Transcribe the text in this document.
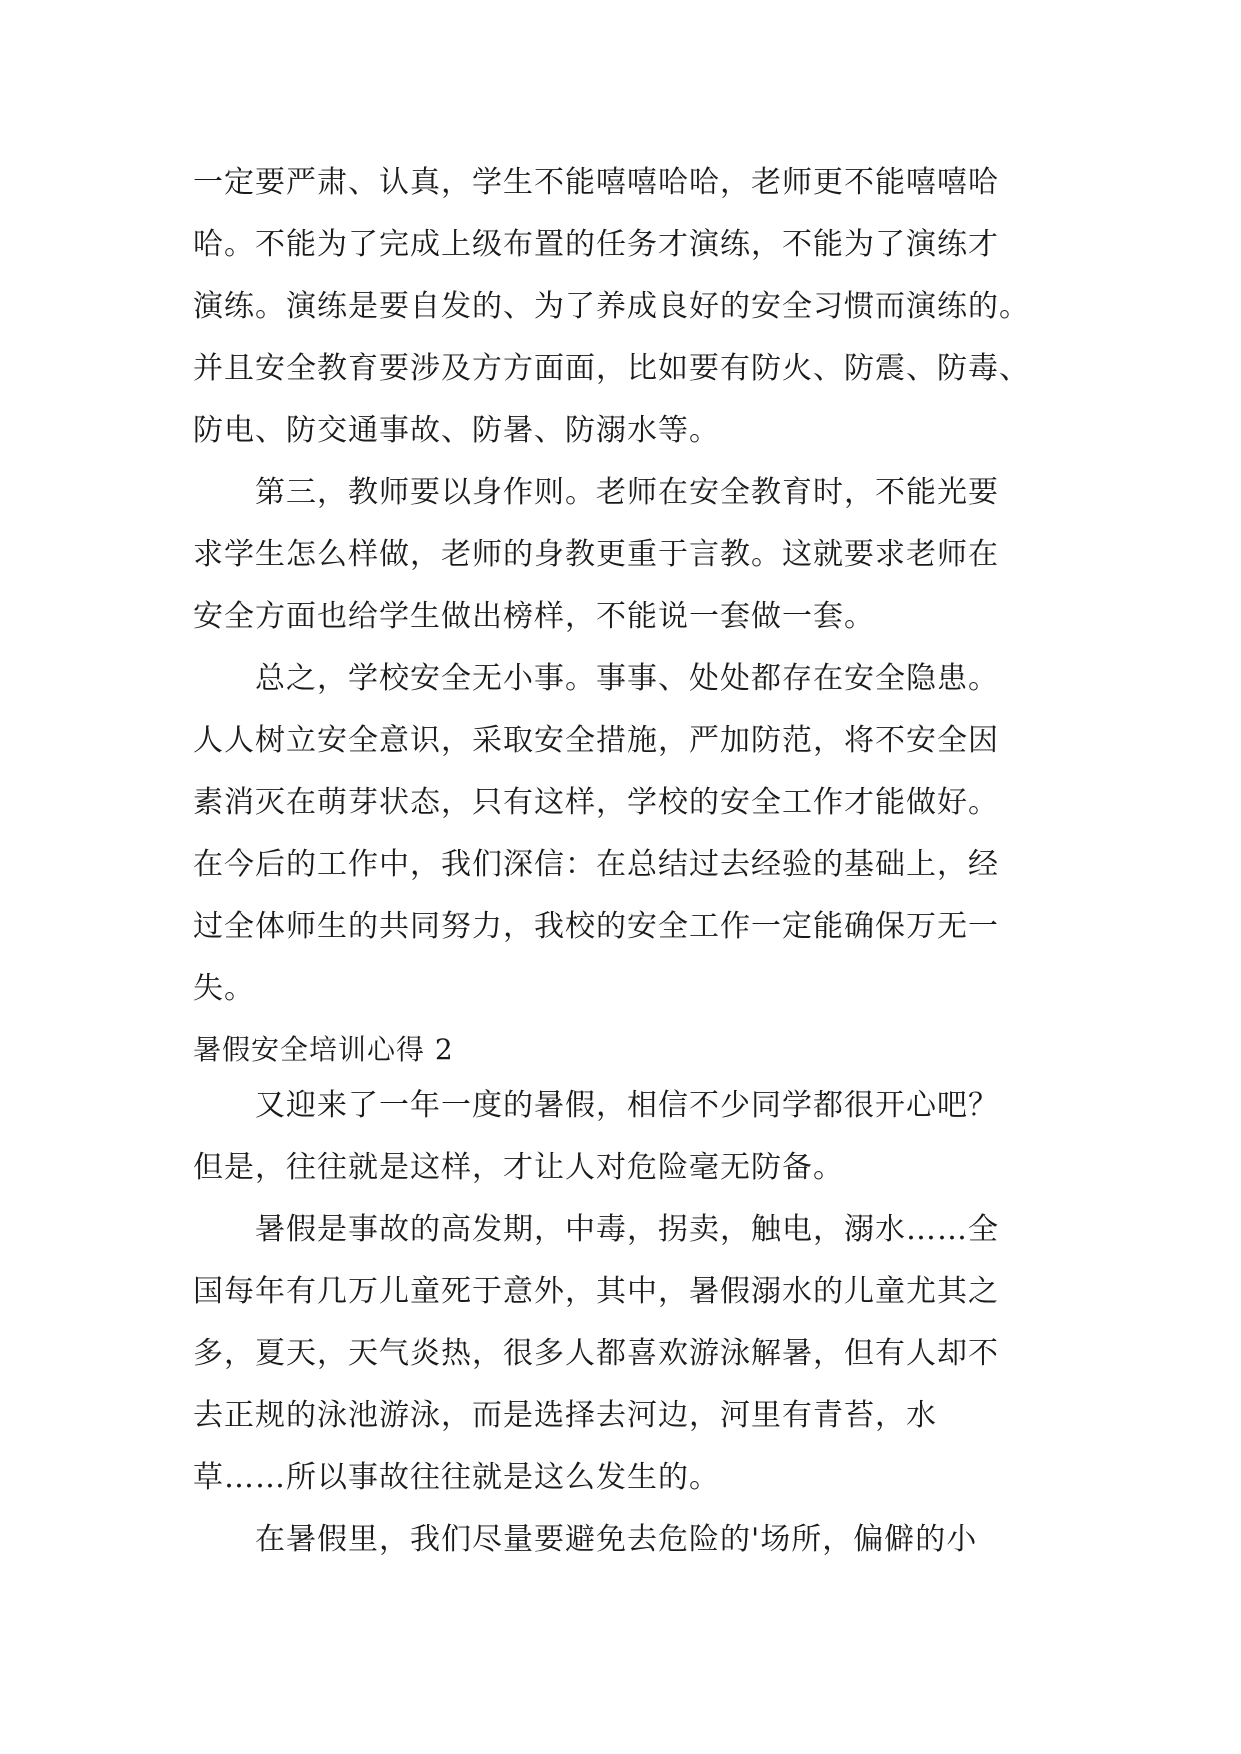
一定要严肃、认真，学生不能嘻嘻哈哈，老师更不能嘻嘻哈
哈。不能为了完成上级布置的任务才演练，不能为了演练才
演练。演练是要自发的、为了养成良好的安全习惯而演练的。
并且安全教育要涉及方方面面，比如要有防火、防震、防毒、
防电、防交通事故、防暑、防溺水等。
第三，教师要以身作则。老师在安全教育时，不能光要
求学生怎么样做，老师的身教更重于言教。这就要求老师在
安全方面也给学生做出榜样，不能说一套做一套。
总之，学校安全无小事。事事、处处都存在安全隐患。
人人树立安全意识，采取安全措施，严加防范，将不安全因
素消灭在萌芽状态，只有这样，学校的安全工作才能做好。
在今后的工作中，我们深信：在总结过去经验的基础上，经
过全体师生的共同努力，我校的安全工作一定能确保万无一
失。
暑假安全培训心得 2
又迎来了一年一度的暑假，相信不少同学都很开心吧？
但是，往往就是这样，才让人对危险毫无防备。
暑假是事故的高发期，中毒，拐卖，触电，溺水……全
国每年有几万儿童死于意外，其中，暑假溺水的儿童尤其之
多，夏天，天气炎热，很多人都喜欢游泳解暑，但有人却不
去正规的泳池游泳，而是选择去河边，河里有青苔，水
草……所以事故往往就是这么发生的。
在暑假里，我们尽量要避免去危险的'场所，偏僻的小
